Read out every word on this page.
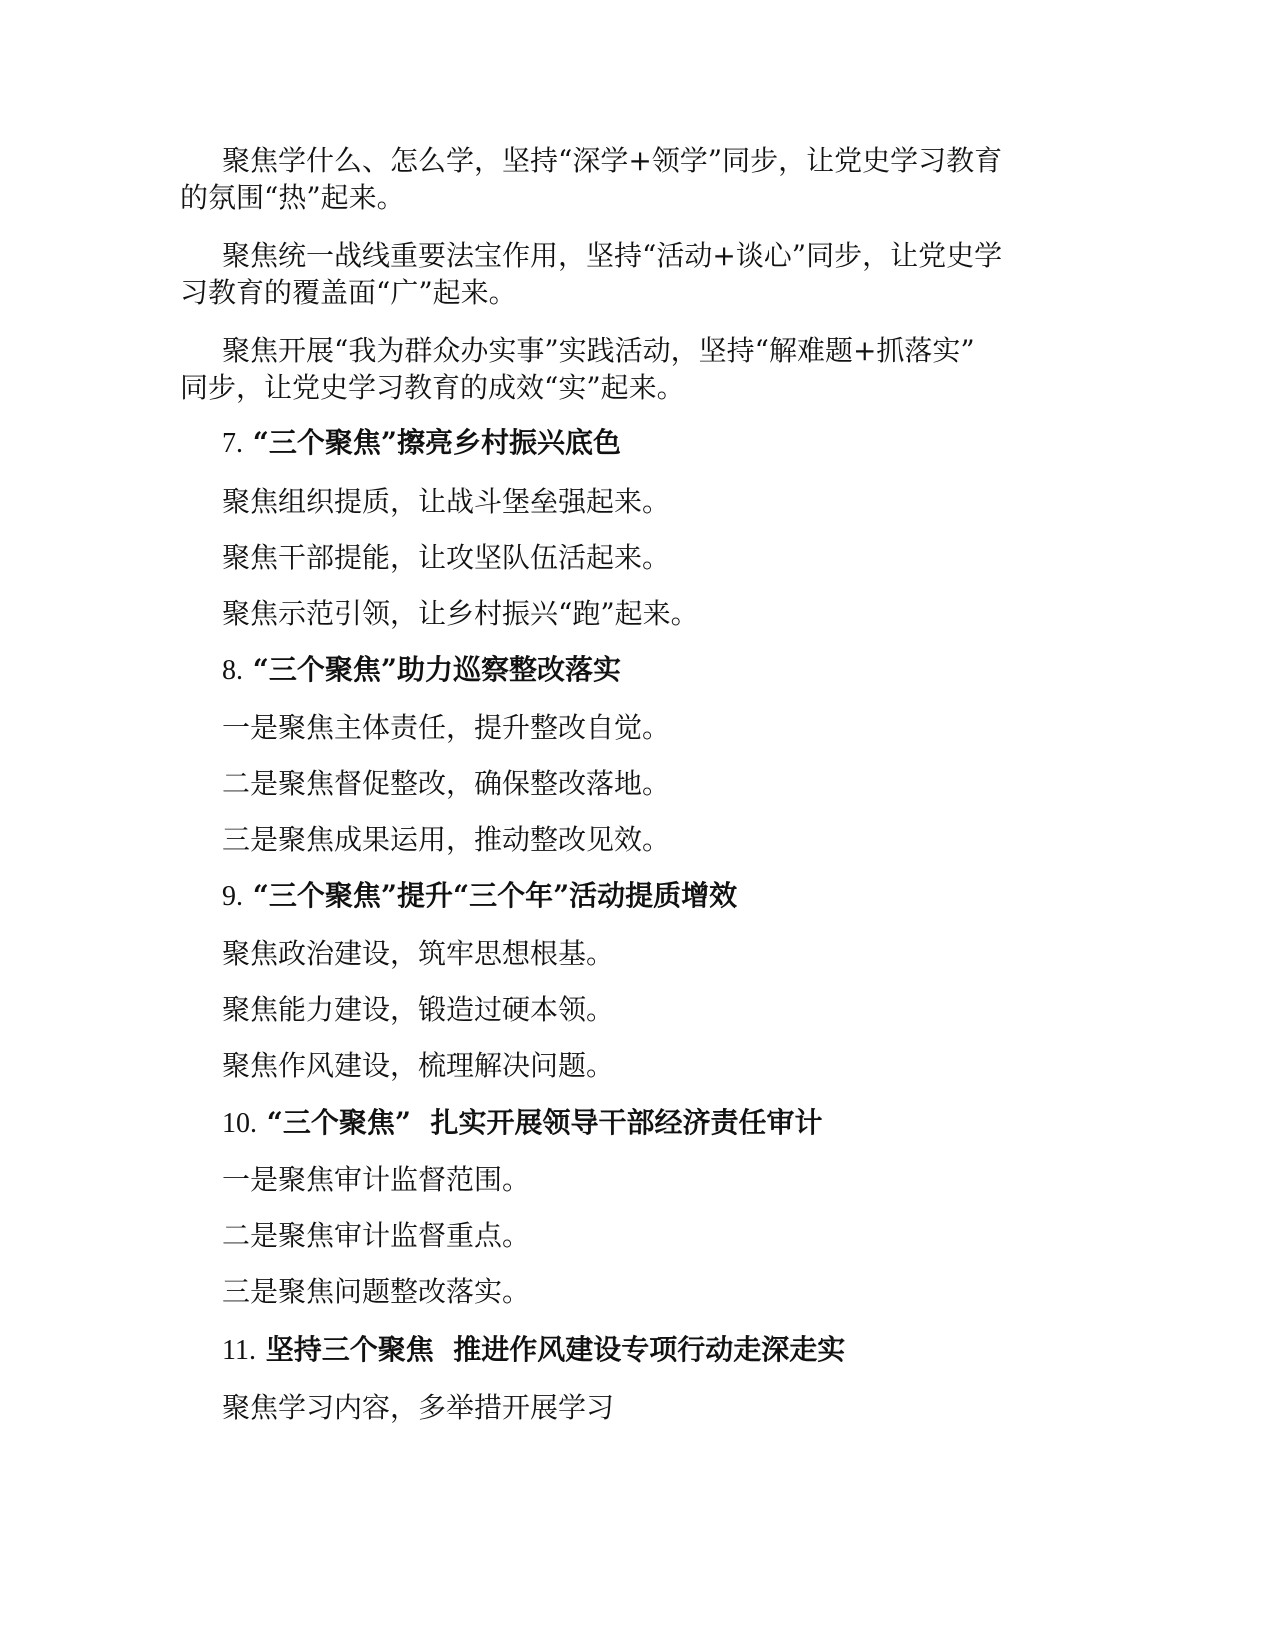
聚焦学什么、怎么学，坚持“深学+领学”同步，让党史学习教育
的氛围“热”起来。
聚焦统一战线重要法宝作用，坚持“活动+谈心”同步，让党史学
习教育的覆盖面“广”起来。
聚焦开展“我为群众办实事”实践活动，坚持“解难题+抓落实”
同步，让党史学习教育的成效“实”起来。
7. “三个聚焦”擦亮乡村振兴底色
聚焦组织提质，让战斗堡垒强起来。
聚焦干部提能，让攻坚队伍活起来。
聚焦示范引领，让乡村振兴“跑”起来。
8. “三个聚焦”助力巡察整改落实
一是聚焦主体责任，提升整改自觉。
二是聚焦督促整改，确保整改落地。
三是聚焦成果运用，推动整改见效。
9. “三个聚焦”提升“三个年”活动提质增效
聚焦政治建设，筑牢思想根基。
聚焦能力建设，锻造过硬本领。
聚焦作风建设，梳理解决问题。
10. “三个聚焦”  扎实开展领导干部经济责任审计
一是聚焦审计监督范围。
二是聚焦审计监督重点。
三是聚焦问题整改落实。
11. 坚持三个聚焦  推进作风建设专项行动走深走实
聚焦学习内容，多举措开展学习
